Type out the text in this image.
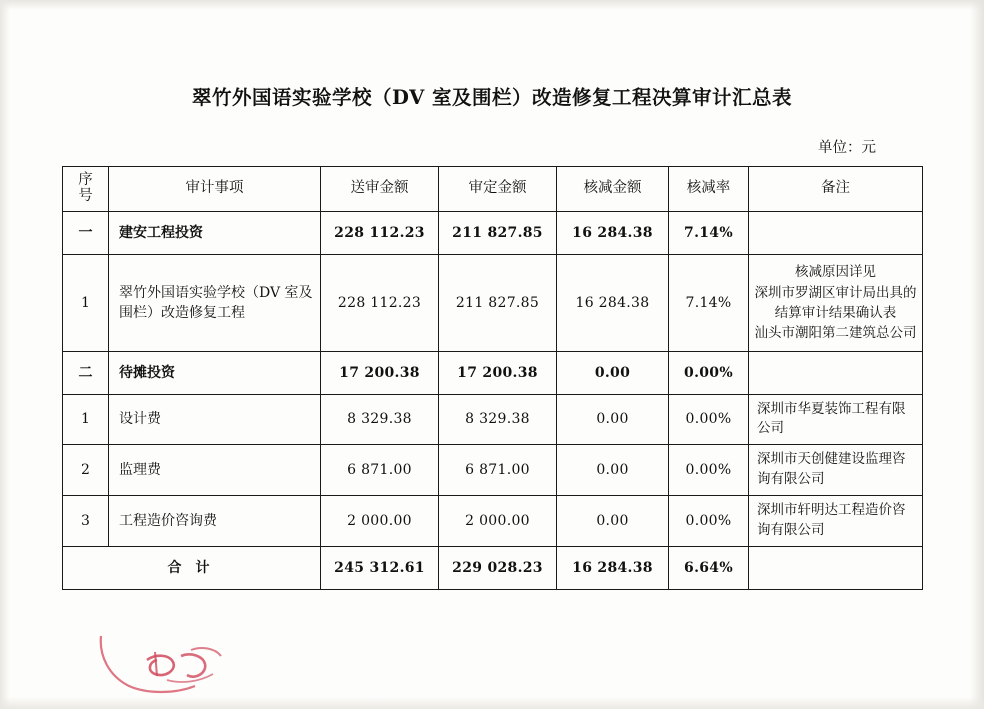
翠竹外国语实验学校（DV 室及围栏）改造修复工程决算审计汇总表
单位：元
序
号	审计事项	送审金额	审定金额	核减金额	核减率	备注

一	建安工程投资	228 112.23	211 827.85	16 284.38	7.14%	

1	翠竹外国语实验学校（DV 室及围栏）改造修复工程	228 112.23	211 827.85	16 284.38	7.14%	核减原因详见
深圳市罗湖区审计局出具的
结算审计结果确认表
汕头市潮阳第二建筑总公司

二	待摊投资	17 200.38	17 200.38	0.00	0.00%	

1	设计费	8 329.38	8 329.38	0.00	0.00%	深圳市华夏装饰工程有限公司

2	监理费	6 871.00	6 871.00	0.00	0.00%	深圳市天创健建设监理咨询有限公司

3	工程造价咨询费	2 000.00	2 000.00	0.00	0.00%	深圳市轩明达工程造价咨询有限公司

合计		245 312.61	229 028.23	16 284.38	6.64%	
